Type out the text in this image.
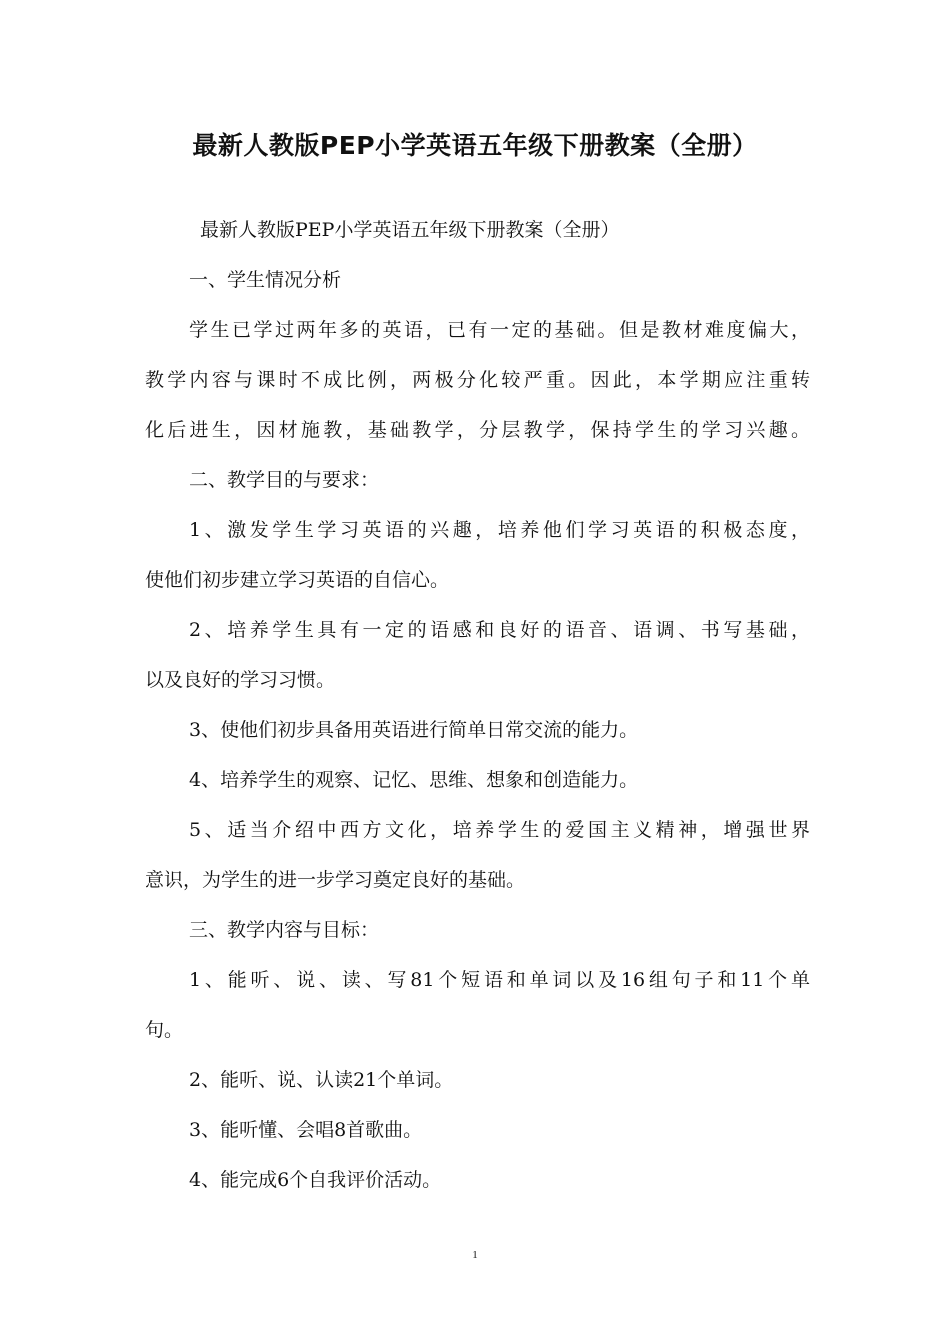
最新人教版PEP小学英语五年级下册教案（全册）
最新人教版PEP小学英语五年级下册教案（全册）
一、学生情况分析
学生已学过两年多的英语，已有一定的基础。但是教材难度偏大，
教学内容与课时不成比例，两极分化较严重。因此，本学期应注重转
化后进生，因材施教，基础教学，分层教学，保持学生的学习兴趣。
二、教学目的与要求：
1、激发学生学习英语的兴趣，培养他们学习英语的积极态度，
使他们初步建立学习英语的自信心。
2、培养学生具有一定的语感和良好的语音、语调、书写基础，
以及良好的学习习惯。
3、使他们初步具备用英语进行简单日常交流的能力。
4、培养学生的观察、记忆、思维、想象和创造能力。
5、适当介绍中西方文化，培养学生的爱国主义精神，增强世界
意识，为学生的进一步学习奠定良好的基础。
三、教学内容与目标：
1、能听、说、读、写81个短语和单词以及16组句子和11个单
句。
2、能听、说、认读21个单词。
3、能听懂、会唱8首歌曲。
4、能完成6个自我评价活动。
1
